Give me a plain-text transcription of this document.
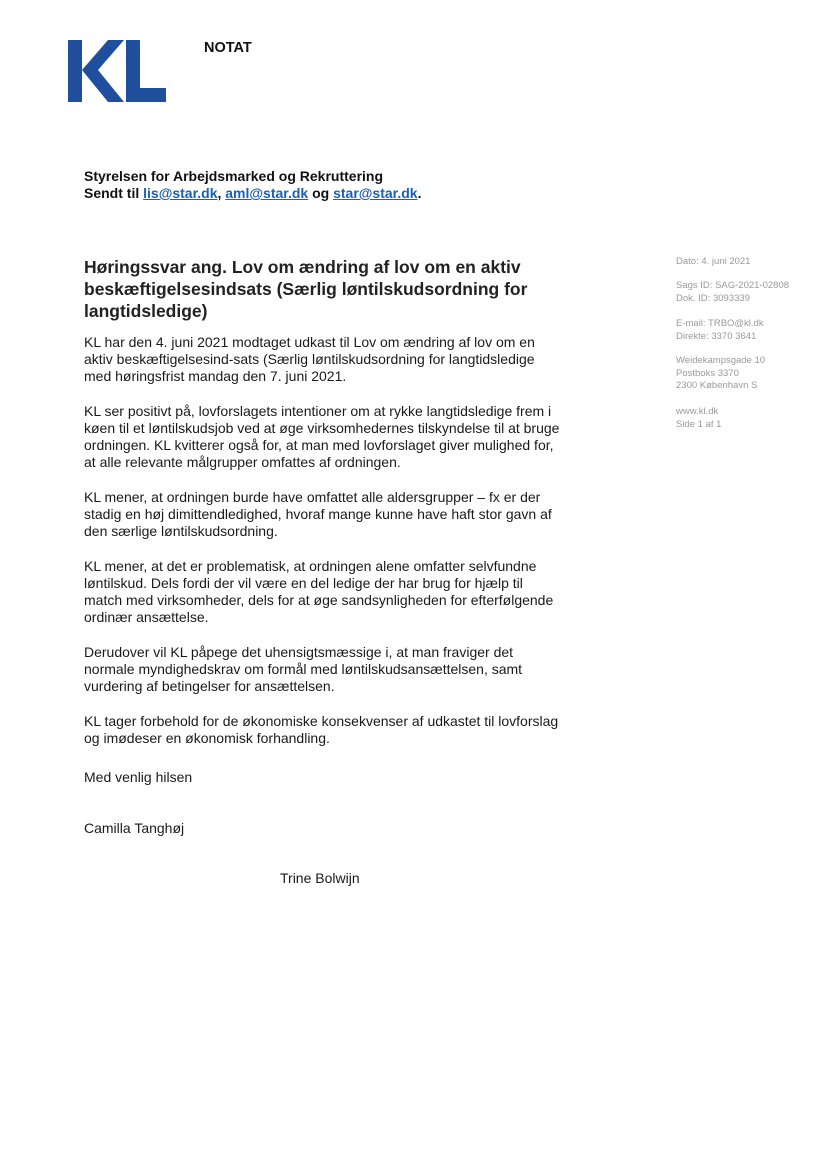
NOTAT
Styrelsen for Arbejdsmarked og Rekruttering
Sendt til lis@star.dk, aml@star.dk og star@star.dk.
Høringssvar ang. Lov om ændring af lov om en aktiv beskæftigelsesindsats (Særlig løntilskudsordning for langtidsledige)

KL har den 4. juni 2021 modtaget udkast til Lov om ændring af lov om en aktiv beskæftigelsesind-sats (Særlig løntilskudsordning for langtidsledige med høringsfrist mandag den 7. juni 2021.

KL ser positivt på, lovforslagets intentioner om at rykke langtidsledige frem i køen til et løntilskudsjob ved at øge virksomhedernes tilskyndelse til at bruge ordningen. KL kvitterer også for, at man med lovforslaget giver mulighed for, at alle relevante målgrupper omfattes af ordningen.

KL mener, at ordningen burde have omfattet alle aldersgrupper – fx er der stadig en høj dimittendledighed, hvoraf mange kunne have haft stor gavn af den særlige løntilskudsordning.

KL mener, at det er problematisk, at ordningen alene omfatter selvfundne løntilskud. Dels fordi der vil være en del ledige der har brug for hjælp til match med virksomheder, dels for at øge sandsynligheden for efterfølgende ordinær ansættelse.

Derudover vil KL påpege det uhensigtsmæssige i, at man fraviger det normale myndighedskrav om formål med løntilskudsansættelsen, samt vurdering af betingelser for ansættelsen.

KL tager forbehold for de økonomiske konsekvenser af udkastet til lovforslag og imødeser en økonomisk forhandling.

Med venlig hilsen
Camilla Tanghøj
Trine Bolwijn
Dato: 4. juni 2021
Sags ID: SAG-2021-02808
Dok. ID: 3093339
E-mail: TRBO@kl.dk
Direkte: 3370 3641
Weidekampsgade 10
Postboks 3370
2300 København S
www.kl.dk
Side 1 af 1
